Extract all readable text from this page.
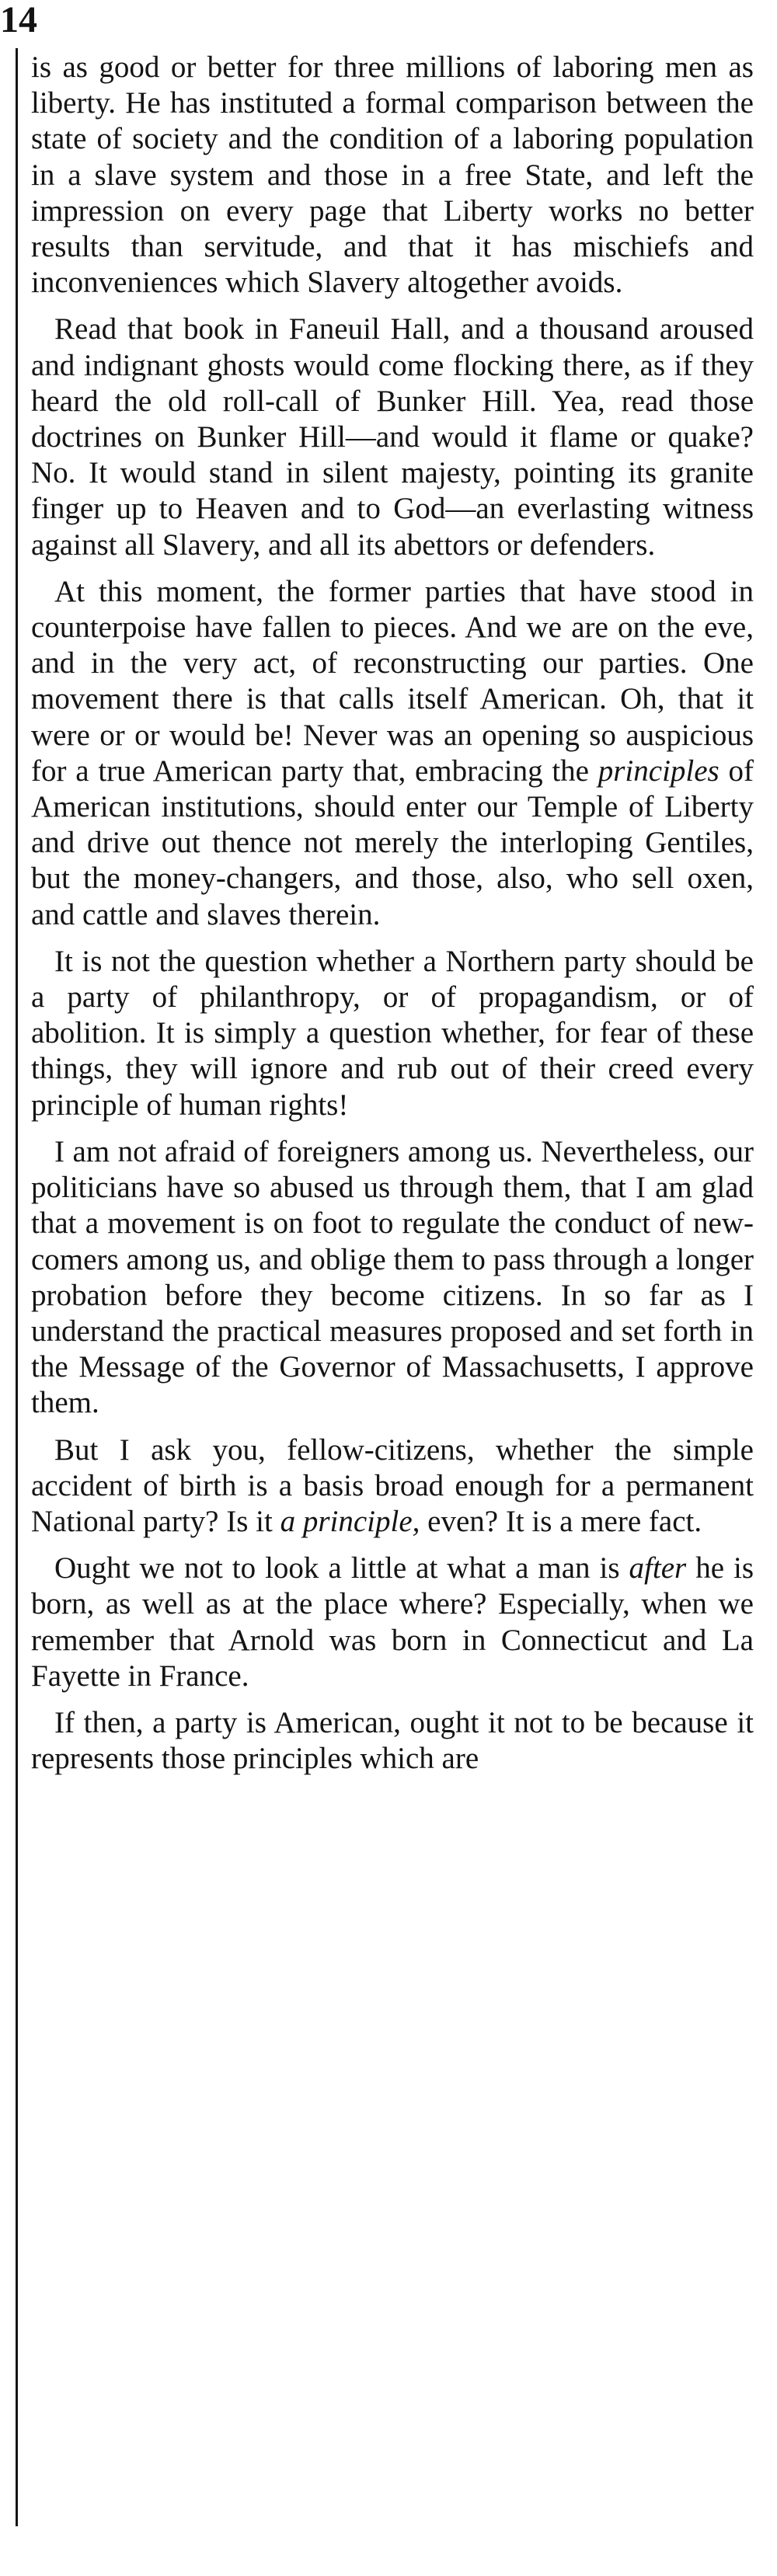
14

is as good or better for three millions of laboring men as liberty. He has instituted a formal comparison between the state of society and the condition of a laboring population in a slave system and those in a free State, and left the impression on every page that Liberty works no better results than servitude, and that it has mischiefs and inconveniences which Slavery altogether avoids.

Read that book in Faneuil Hall, and a thousand aroused and indignant ghosts would come flocking there, as if they heard the old roll-call of Bunker Hill. Yea, read those doctrines on Bunker Hill—and would it flame or quake? No. It would stand in silent majesty, pointing its granite finger up to Heaven and to God—an everlasting witness against all Slavery, and all its abettors or defenders.

At this moment, the former parties that have stood in counterpoise have fallen to pieces. And we are on the eve, and in the very act, of reconstructing our parties. One movement there is that calls itself American. Oh, that it were or or would be! Never was an opening so auspicious for a true American party that, embracing the principles of American institutions, should enter our Temple of Liberty and drive out thence not merely the interloping Gentiles, but the money-changers, and those, also, who sell oxen, and cattle and slaves therein.

It is not the question whether a Northern party should be a party of philanthropy, or of propagandism, or of abolition. It is simply a question whether, for fear of these things, they will ignore and rub out of their creed every principle of human rights!

I am not afraid of foreigners among us. Nevertheless, our politicians have so abused us through them, that I am glad that a movement is on foot to regulate the conduct of new-comers among us, and oblige them to pass through a longer probation before they become citizens. In so far as I understand the practical measures proposed and set forth in the Message of the Governor of Massachusetts, I approve them.

But I ask you, fellow-citizens, whether the simple accident of birth is a basis broad enough for a permanent National party? Is it a principle, even? It is a mere fact.

Ought we not to look a little at what a man is after he is born, as well as at the place where? Especially, when we remember that Arnold was born in Connecticut and La Fayette in France.

If then, a party is American, ought it not to be because it represents those principles which are
